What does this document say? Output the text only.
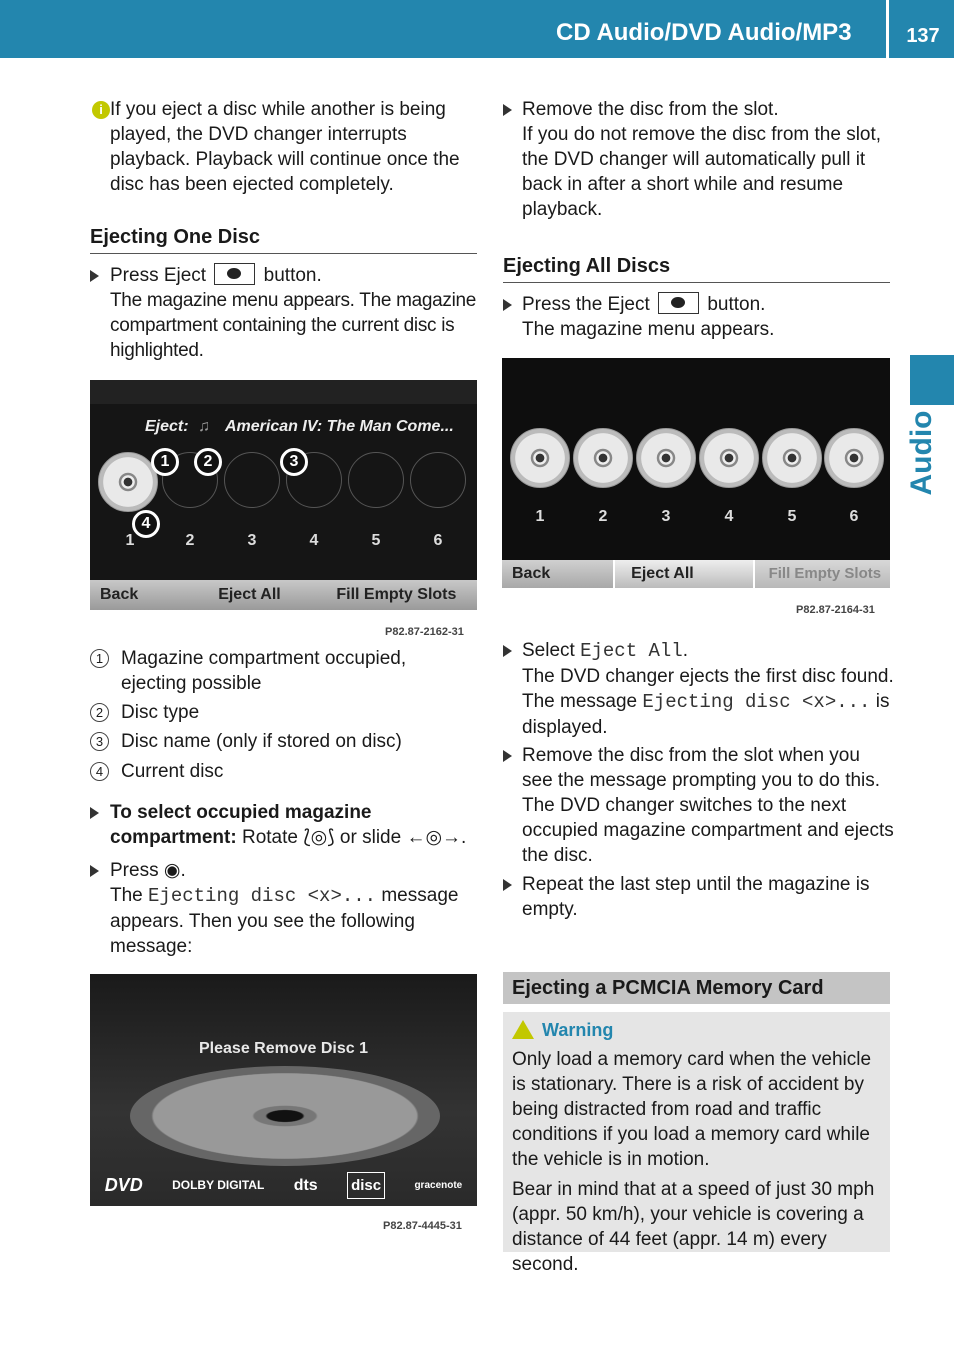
CD Audio/DVD Audio/MP3	137
Audio
i If you eject a disc while another is being played, the DVD changer interrupts playback. Playback will continue once the disc has been ejected completely.
Ejecting One Disc
Press Eject	button.
The magazine menu appears. The magazine compartment containing the current disc is highlighted.
Eject: ♫ American IV: The Man Come...
1	2	3	4	5	6
1	2	3
4
Back	Eject All	Fill Empty Slots
P82.87-2162-31
1 Magazine compartment occupied, ejecting possible
2 Disc type
3 Disc name (only if stored on disc)
4 Current disc
To select occupied magazine compartment: Rotate ⟅◎⟆ or slide ←◎→.
Press ◉.
The Ejecting disc <x>... message appears. Then you see the following message:
Please Remove Disc 1
DVD DOLBY DIGITAL dts disc	gracenote
P82.87-4445-31
Remove the disc from the slot.
If you do not remove the disc from the slot, the DVD changer will automatically pull it back in after a short while and resume playback.
Ejecting All Discs
Press the Eject	button.
The magazine menu appears.
1	2	3	4	5	6
Back	Eject All	Fill Empty Slots
P82.87-2164-31
Select Eject All.
The DVD changer ejects the first disc found. The message Ejecting disc <x>... is displayed.
Remove the disc from the slot when you see the message prompting you to do this.
The DVD changer switches to the next occupied magazine compartment and ejects the disc.
Repeat the last step until the magazine is empty.
Ejecting a PCMCIA Memory Card
Warning
Only load a memory card when the vehicle is stationary. There is a risk of accident by being distracted from road and traffic conditions if you load a memory card while the vehicle is in motion.
Bear in mind that at a speed of just 30 mph (appr. 50 km/h), your vehicle is covering a distance of 44 feet (appr. 14 m) every second.
